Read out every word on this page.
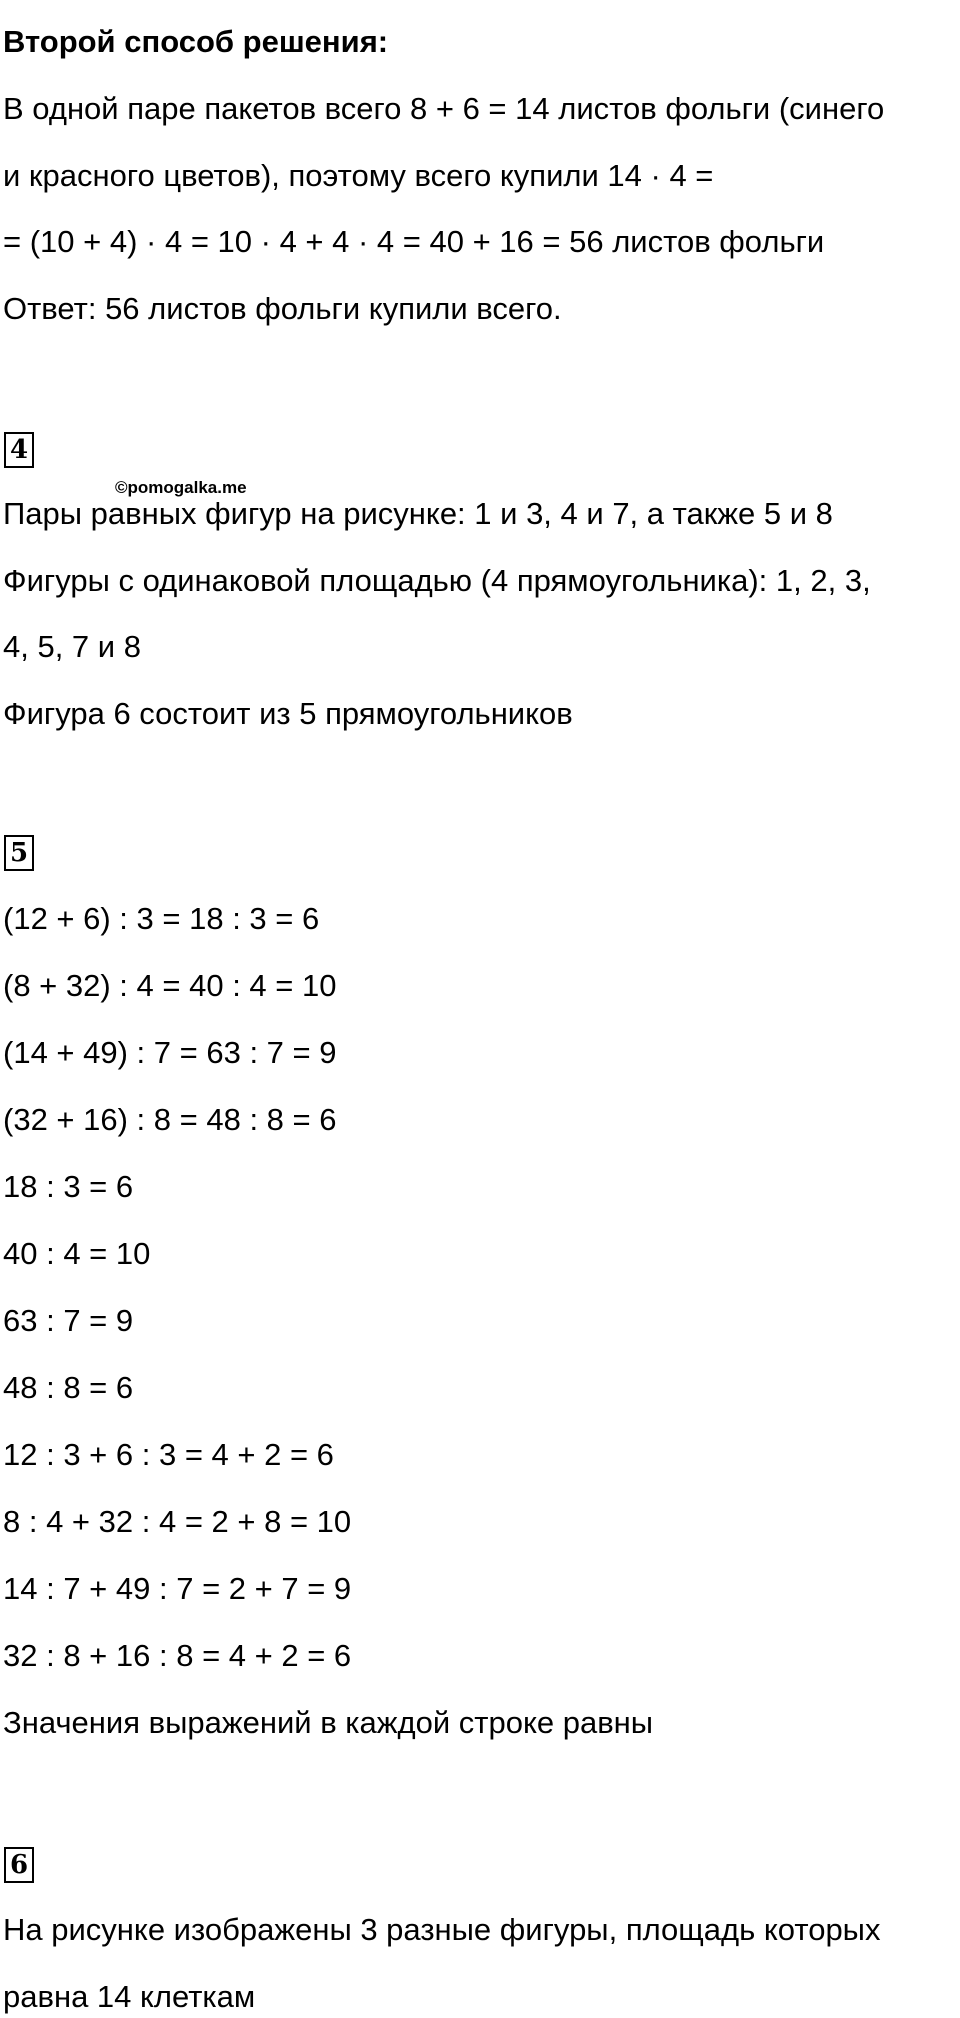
Второй способ решения:
В одной паре пакетов всего 8 + 6 = 14 листов фольги (синего
и красного цветов), поэтому всего купили 14 · 4 =
= (10 + 4) · 4 = 10 · 4 + 4 · 4 = 40 + 16 = 56 листов фольги
Ответ: 56 листов фольги купили всего.
4
©pomogalka.me
Пары равных фигур на рисунке: 1 и 3, 4 и 7, а также 5 и 8
Фигуры с одинаковой площадью (4 прямоугольника): 1, 2, 3,
4, 5, 7 и 8
Фигура 6 состоит из 5 прямоугольников
5
(12 + 6) : 3 = 18 : 3 = 6
(8 + 32) : 4 = 40 : 4 = 10
(14 + 49) : 7 = 63 : 7 = 9
(32 + 16) : 8 = 48 : 8 = 6
18 : 3 = 6
40 : 4 = 10
63 : 7 = 9
48 : 8 = 6
12 : 3 + 6 : 3 = 4 + 2 = 6
8 : 4 + 32 : 4 = 2 + 8 = 10
14 : 7 + 49 : 7 = 2 + 7 = 9
32 : 8 + 16 : 8 = 4 + 2 = 6
Значения выражений в каждой строке равны
6
На рисунке изображены 3 разные фигуры, площадь которых
равна 14 клеткам
